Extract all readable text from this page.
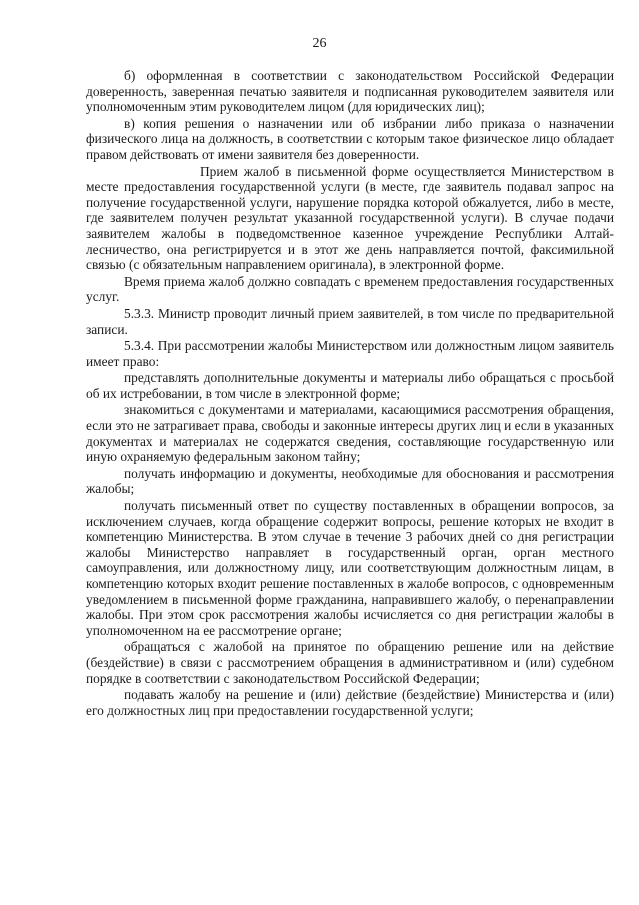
26

б) оформленная в соответствии с законодательством Российской Федерации доверенность, заверенная печатью заявителя и подписанная руководителем заявителя или уполномоченным этим руководителем лицом (для юридических лиц);

в) копия решения о назначении или об избрании либо приказа о назначении физического лица на должность, в соответствии с которым такое физическое лицо обладает правом действовать от имени заявителя без доверенности.

Прием жалоб в письменной форме осуществляется Министерством в месте предоставления государственной услуги (в месте, где заявитель подавал запрос на получение государственной услуги, нарушение порядка которой обжалуется, либо в месте, где заявителем получен результат указанной государственной услуги). В случае подачи заявителем жалобы в подведомственное казенное учреждение Республики Алтай- лесничество, она регистрируется и в этот же день направляется почтой, факсимильной связью (с обязательным направлением оригинала), в электронной форме.

Время приема жалоб должно совпадать с временем предоставления государственных услуг.

5.3.3. Министр проводит личный прием заявителей, в том числе по предварительной записи.

5.3.4. При рассмотрении жалобы Министерством или должностным лицом заявитель имеет право:

представлять дополнительные документы и материалы либо обращаться с просьбой об их истребовании, в том числе в электронной форме;

знакомиться с документами и материалами, касающимися рассмотрения обращения, если это не затрагивает права, свободы и законные интересы других лиц и если в указанных документах и материалах не содержатся сведения, составляющие государственную или иную охраняемую федеральным законом тайну;

получать информацию и документы, необходимые для обоснования и рассмотрения жалобы;

получать письменный ответ по существу поставленных в обращении вопросов, за исключением случаев, когда обращение содержит вопросы, решение которых не входит в компетенцию Министерства. В этом случае в течение 3 рабочих дней со дня регистрации жалобы Министерство направляет в государственный орган, орган местного самоуправления, или должностному лицу, или соответствующим должностным лицам, в компетенцию которых входит решение поставленных в жалобе вопросов, с одновременным уведомлением в письменной форме гражданина, направившего жалобу, о перенаправлении жалобы. При этом срок рассмотрения жалобы исчисляется со дня регистрации жалобы в уполномоченном на ее рассмотрение органе;

обращаться с жалобой на принятое по обращению решение или на действие (бездействие) в связи с рассмотрением обращения в административном и (или) судебном порядке в соответствии с законодательством Российской Федерации;

подавать жалобу на решение и (или) действие (бездействие) Министерства и (или) его должностных лиц при предоставлении государственной услуги;
